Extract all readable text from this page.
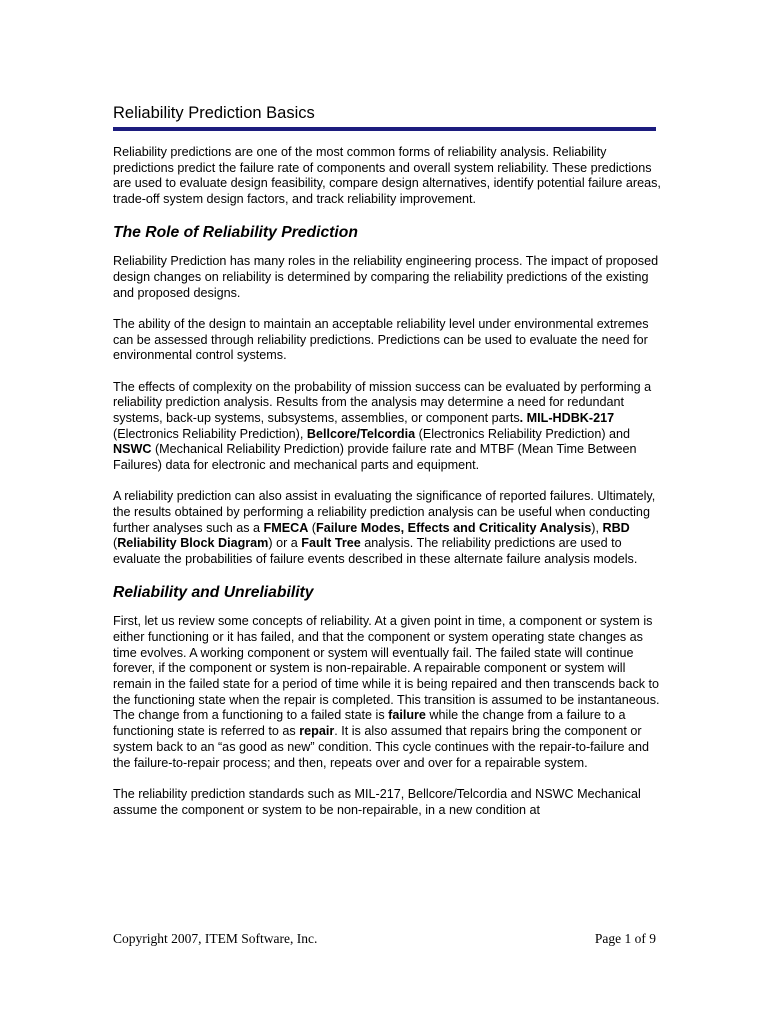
Reliability Prediction Basics

Reliability predictions are one of the most common forms of reliability analysis. Reliability predictions predict the failure rate of components and overall system reliability. These predictions are used to evaluate design feasibility, compare design alternatives, identify potential failure areas, trade-off system design factors, and track reliability improvement.

The Role of Reliability Prediction

Reliability Prediction has many roles in the reliability engineering process. The impact of proposed design changes on reliability is determined by comparing the reliability predictions of the existing and proposed designs.

The ability of the design to maintain an acceptable reliability level under environmental extremes can be assessed through reliability predictions. Predictions can be used to evaluate the need for environmental control systems.

The effects of complexity on the probability of mission success can be evaluated by performing a reliability prediction analysis. Results from the analysis may determine a need for redundant systems, back-up systems, subsystems, assemblies, or component parts. MIL-HDBK-217 (Electronics Reliability Prediction), Bellcore/Telcordia (Electronics Reliability Prediction) and NSWC (Mechanical Reliability Prediction) provide failure rate and MTBF (Mean Time Between Failures) data for electronic and mechanical parts and equipment.

A reliability prediction can also assist in evaluating the significance of reported failures. Ultimately, the results obtained by performing a reliability prediction analysis can be useful when conducting further analyses such as a FMECA (Failure Modes, Effects and Criticality Analysis), RBD (Reliability Block Diagram) or a Fault Tree analysis. The reliability predictions are used to evaluate the probabilities of failure events described in these alternate failure analysis models.

Reliability and Unreliability

First, let us review some concepts of reliability. At a given point in time, a component or system is either functioning or it has failed, and that the component or system operating state changes as time evolves. A working component or system will eventually fail. The failed state will continue forever, if the component or system is non-repairable. A repairable component or system will remain in the failed state for a period of time while it is being repaired and then transcends back to the functioning state when the repair is completed. This transition is assumed to be instantaneous. The change from a functioning to a failed state is failure while the change from a failure to a functioning state is referred to as repair. It is also assumed that repairs bring the component or system back to an “as good as new” condition. This cycle continues with the repair-to-failure and the failure-to-repair process; and then, repeats over and over for a repairable system.

The reliability prediction standards such as MIL-217, Bellcore/Telcordia and NSWC Mechanical assume the component or system to be non-repairable, in a new condition at

Copyright 2007, ITEM Software, Inc.	Page 1 of 9
